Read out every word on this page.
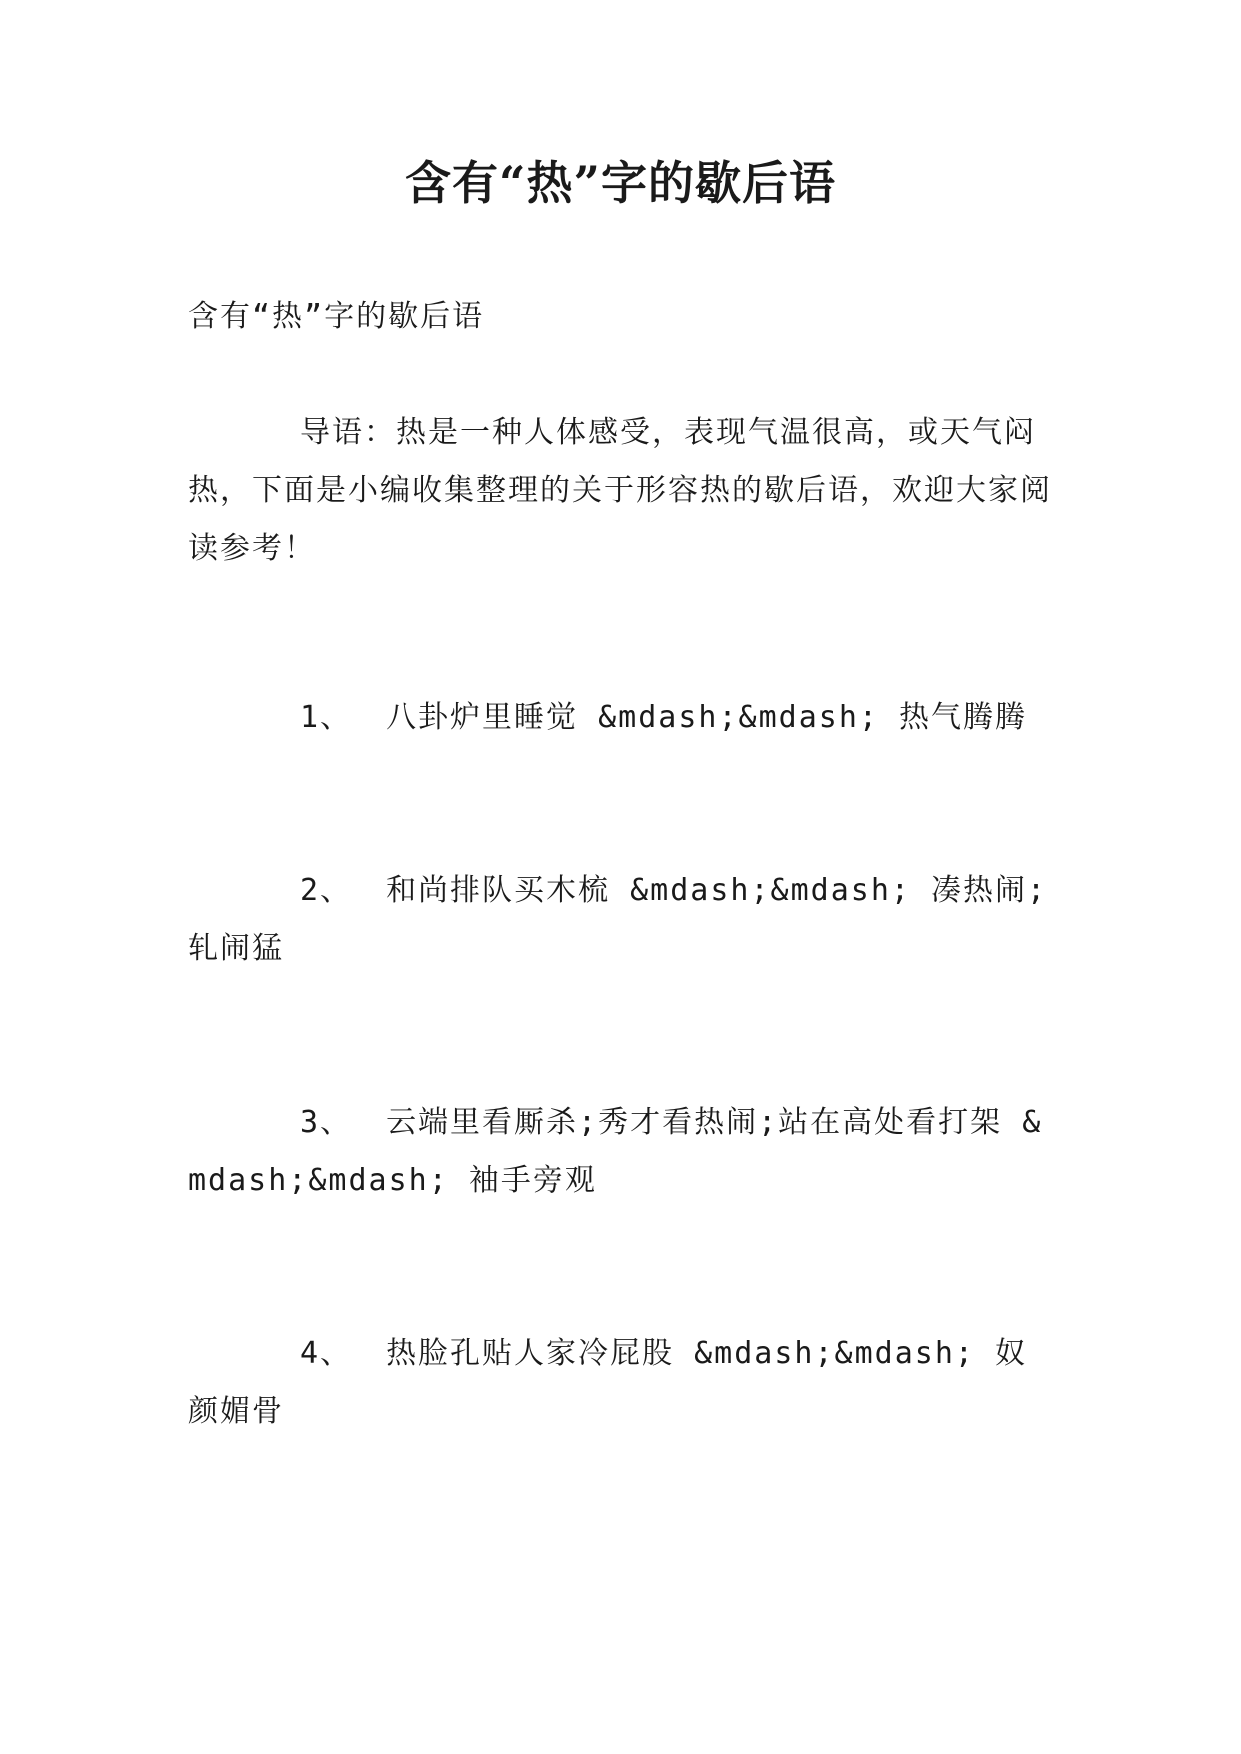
含有“热”字的歇后语

含有“热”字的歇后语

导语：热是一种人体感受，表现气温很高，或天气闷热，下面是小编收集整理的关于形容热的歇后语，欢迎大家阅读参考！

1、 八卦炉里睡觉 &mdash;&mdash; 热气腾腾

2、 和尚排队买木梳 &mdash;&mdash; 凑热闹;轧闹猛

3、 云端里看厮杀;秀才看热闹;站在高处看打架 &mdash;&mdash; 袖手旁观

4、 热脸孔贴人家冷屁股 &mdash;&mdash; 奴颜媚骨
